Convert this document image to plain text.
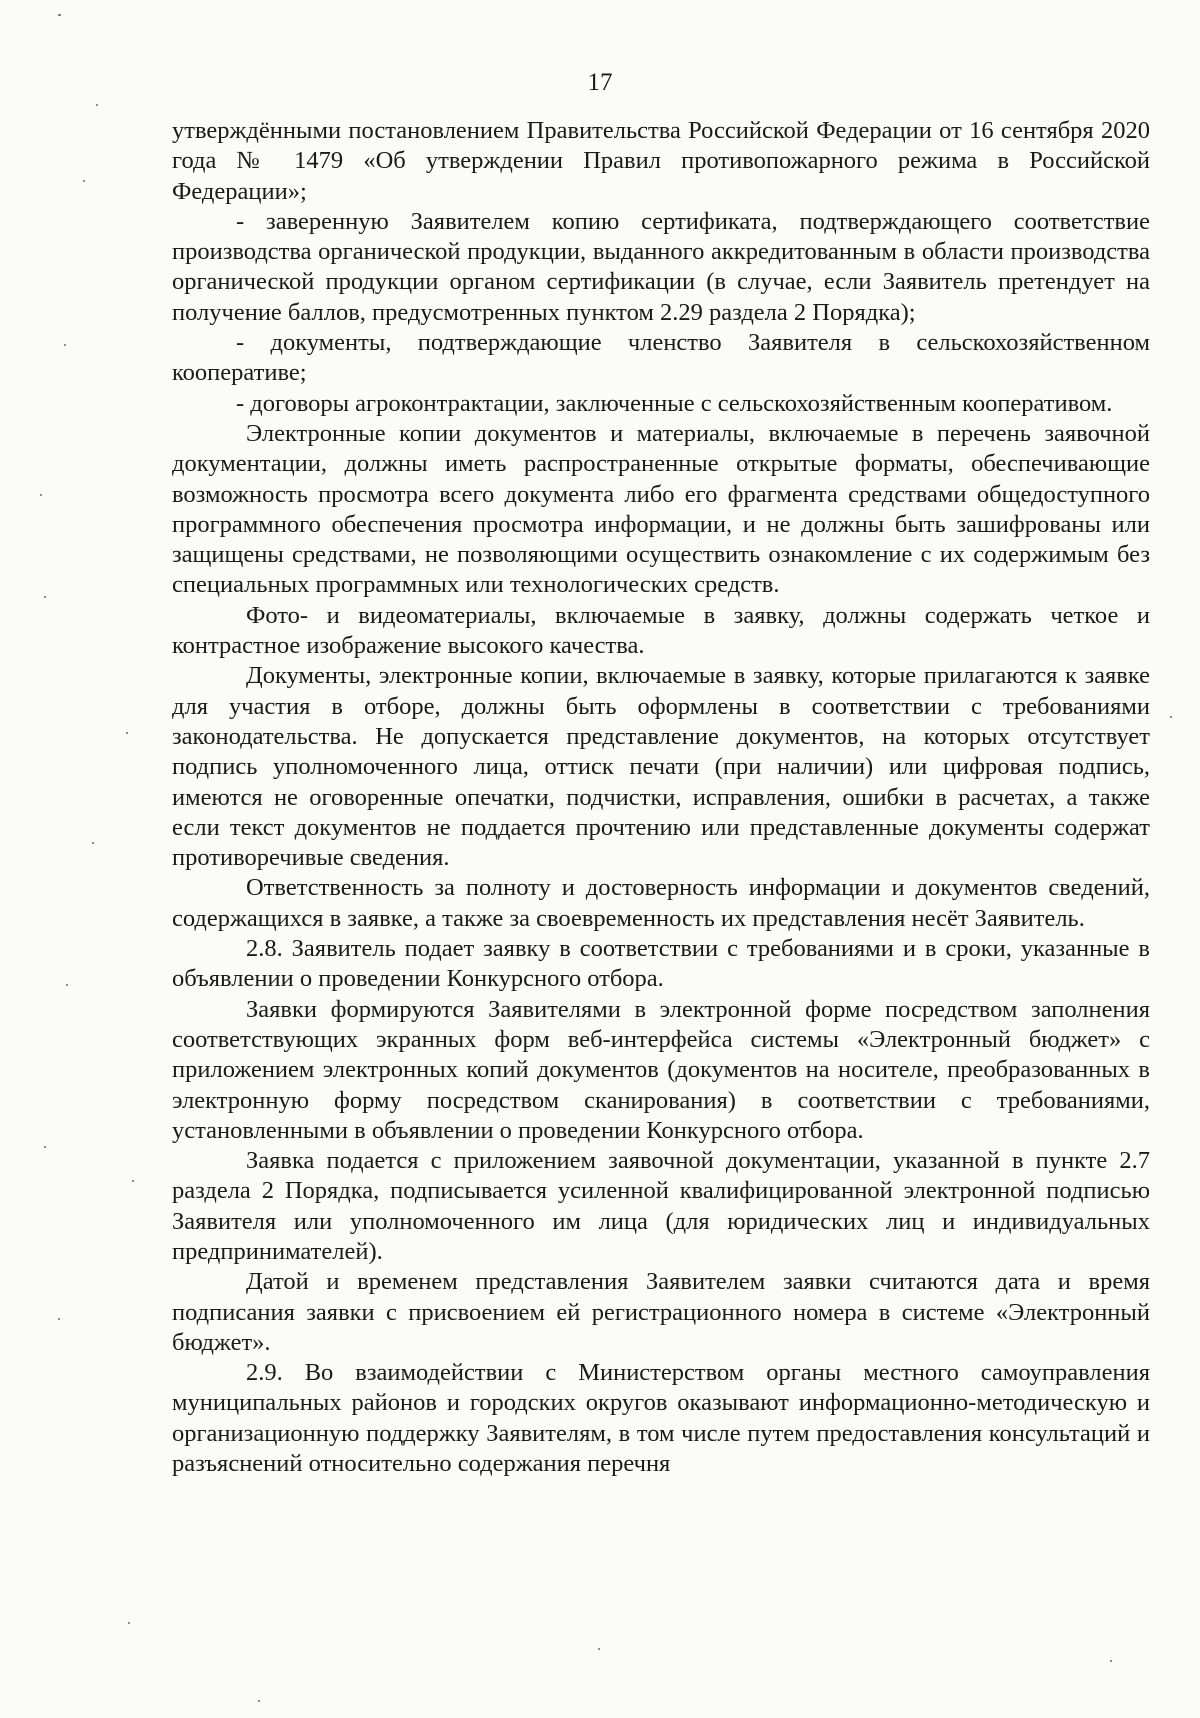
17

утверждёнными постановлением Правительства Российской Федерации от 16 сентября 2020 года № 1479 «Об утверждении Правил противопожарного режима в Российской Федерации»;

- заверенную Заявителем копию сертификата, подтверждающего соответствие производства органической продукции, выданного аккредитованным в области производства органической продукции органом сертификации (в случае, если Заявитель претендует на получение баллов, предусмотренных пунктом 2.29 раздела 2 Порядка);

- документы, подтверждающие членство Заявителя в сельскохозяйственном кооперативе;

- договоры агроконтрактации, заключенные с сельскохозяйственным кооперативом.

Электронные копии документов и материалы, включаемые в перечень заявочной документации, должны иметь распространенные открытые форматы, обеспечивающие возможность просмотра всего документа либо его фрагмента средствами общедоступного программного обеспечения просмотра информации, и не должны быть зашифрованы или защищены средствами, не позволяющими осуществить ознакомление с их содержимым без специальных программных или технологических средств.

Фото- и видеоматериалы, включаемые в заявку, должны содержать четкое и контрастное изображение высокого качества.

Документы, электронные копии, включаемые в заявку, которые прилагаются к заявке для участия в отборе, должны быть оформлены в соответствии с требованиями законодательства. Не допускается представление документов, на которых отсутствует подпись уполномоченного лица, оттиск печати (при наличии) или цифровая подпись, имеются не оговоренные опечатки, подчистки, исправления, ошибки в расчетах, а также если текст документов не поддается прочтению или представленные документы содержат противоречивые сведения.

Ответственность за полноту и достоверность информации и документов сведений, содержащихся в заявке, а также за своевременность их представления несёт Заявитель.

2.8. Заявитель подает заявку в соответствии с требованиями и в сроки, указанные в объявлении о проведении Конкурсного отбора.

Заявки формируются Заявителями в электронной форме посредством заполнения соответствующих экранных форм веб-интерфейса системы «Электронный бюджет» с приложением электронных копий документов (документов на носителе, преобразованных в электронную форму посредством сканирования) в соответствии с требованиями, установленными в объявлении о проведении Конкурсного отбора.

Заявка подается с приложением заявочной документации, указанной в пункте 2.7 раздела 2 Порядка, подписывается усиленной квалифицированной электронной подписью Заявителя или уполномоченного им лица (для юридических лиц и индивидуальных предпринимателей).

Датой и временем представления Заявителем заявки считаются дата и время подписания заявки с присвоением ей регистрационного номера в системе «Электронный бюджет».

2.9. Во взаимодействии с Министерством органы местного самоуправления муниципальных районов и городских округов оказывают информационно-методическую и организационную поддержку Заявителям, в том числе путем предоставления консультаций и разъяснений относительно содержания перечня
